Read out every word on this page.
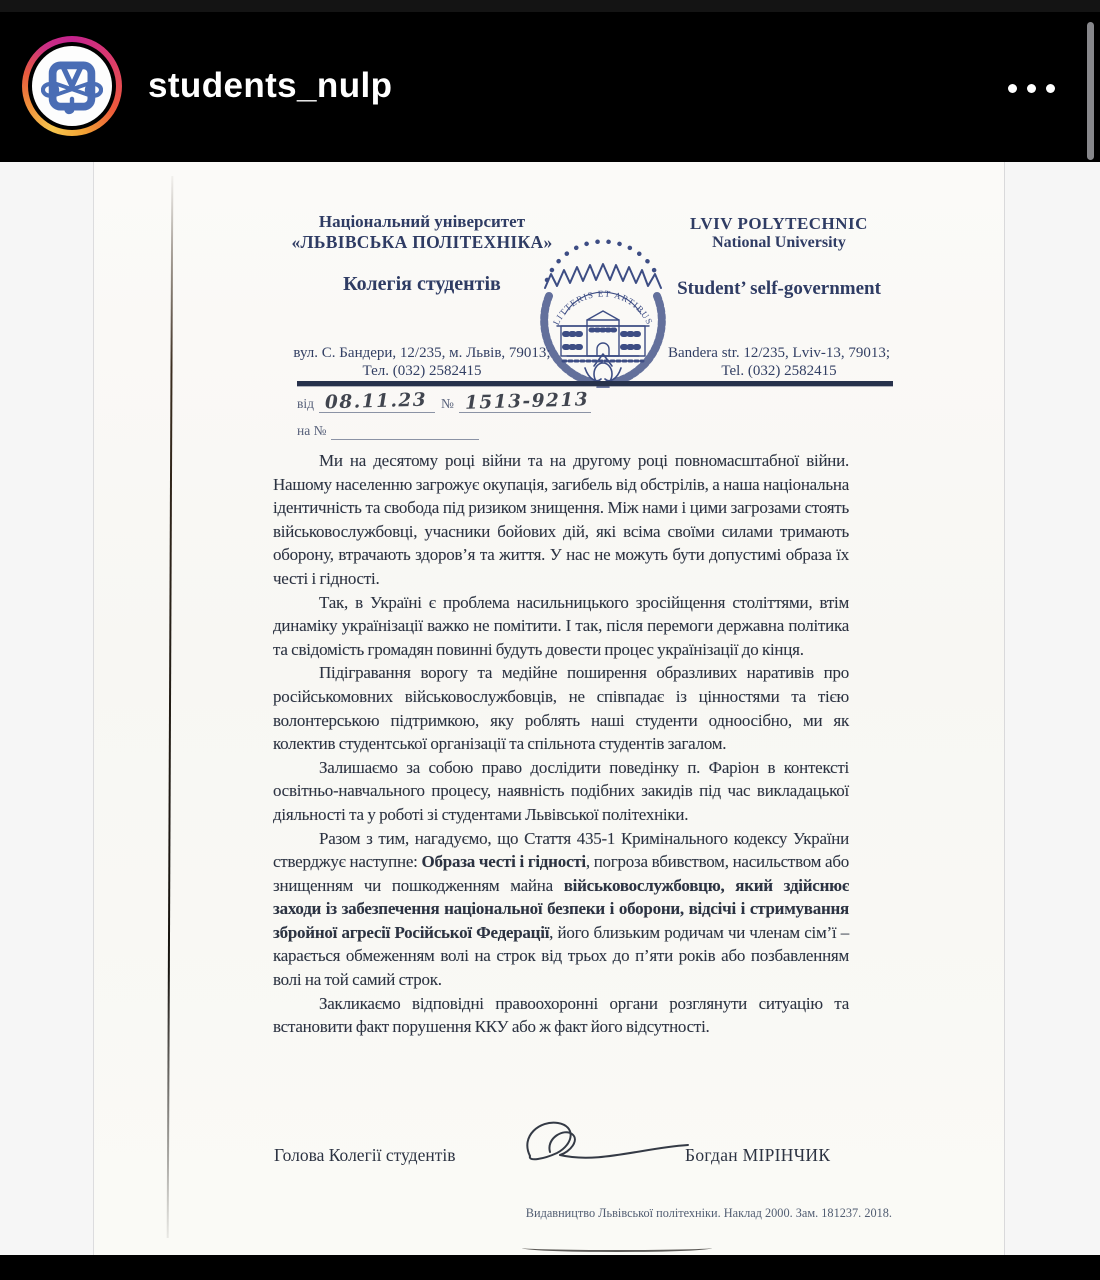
students_nulp
Національний університет
«ЛЬВІВСЬКА ПОЛІТЕХНІКА»
Колегія студентів
вул. С. Бандери, 12/235, м. Львів, 79013;
Тел. (032) 2582415
LITTERIS ET ARTIBUS
LVIV POLYTECHNIC
National University
Student’ self-government
Bandera str. 12/235, Lviv-13, 79013;
Tel. (032) 2582415
від 08.11.23 № 1513-9213
на №

Ми на десятому році війни та на другому році повномасштабної війни. Нашому населенню загрожує окупація, загибель від обстрілів, а наша національна ідентичність та свобода під ризиком знищення. Між нами і цими загрозами стоять військовослужбовці, учасники бойових дій, які всіма своїми силами тримають оборону, втрачають здоров’я та життя. У нас не можуть бути допустимі образа їх честі і гідності.

Так, в Україні є проблема насильницького зросійщення століттями, втім динаміку українізації важко не помітити. І так, після перемоги державна політика та свідомість громадян повинні будуть довести процес українізації до кінця.

Підігравання ворогу та медійне поширення образливих наративів про російськомовних військовослужбовців, не співпадає із цінностями та тією волонтерською підтримкою, яку роблять наші студенти одноосібно, ми як колектив студентської організації та спільнота студентів загалом.

Залишаємо за собою право дослідити поведінку п. Фаріон в контексті освітньо-навчального процесу, наявність подібних закидів під час викладацької діяльності та у роботі зі студентами Львівської політехніки.

Разом з тим, нагадуємо, що Стаття 435-1 Кримінального кодексу України стверджує наступне: Образа честі і гідності, погроза вбивством, насильством або знищенням чи пошкодженням майна військовослужбовцю, який здійснює заходи із забезпечення національної безпеки і оборони, відсічі і стримування збройної агресії Російської Федерації, його близьким родичам чи членам сім’ї – карається обмеженням волі на строк від трьох до п’яти років або позбавленням волі на той самий строк.

Закликаємо відповідні правоохоронні органи розглянути ситуацію та встановити факт порушення ККУ або ж факт його відсутності.

Голова Колегії студентів	Богдан МІРІНЧИК
Видавництво Львівської політехніки. Наклад 2000. Зам. 181237. 2018.
